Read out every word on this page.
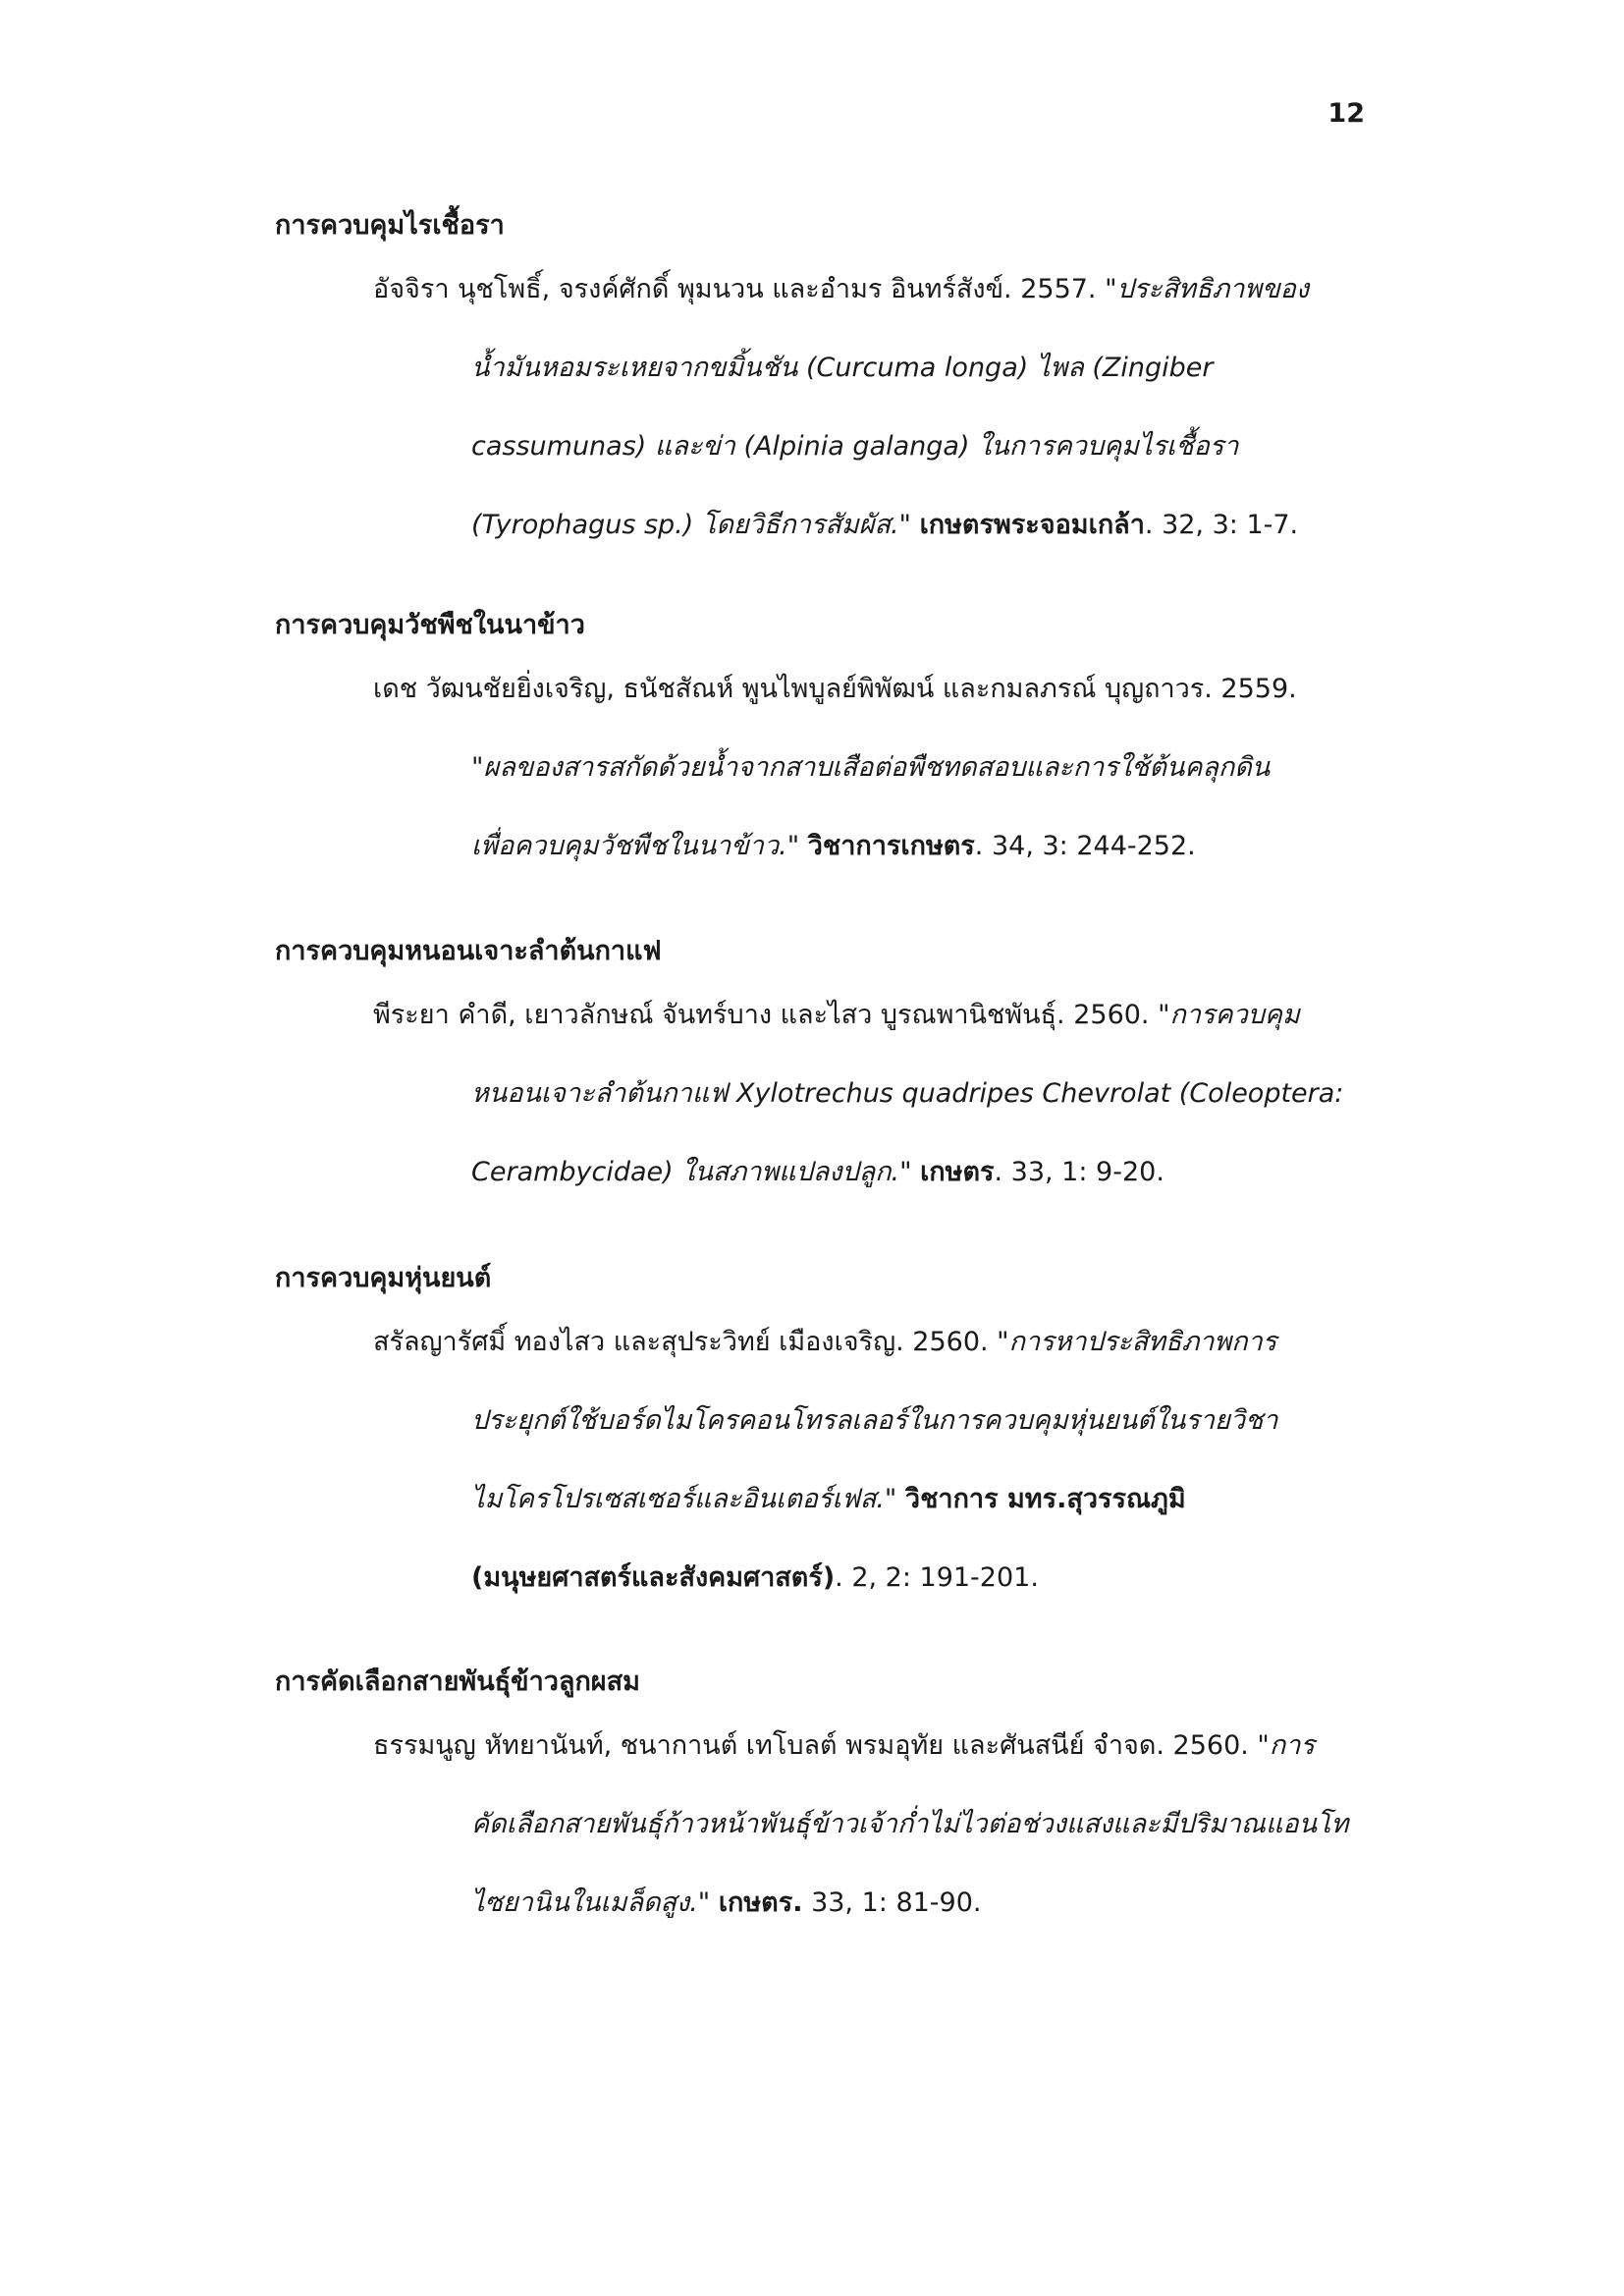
12
การควบคุมไรเชื้อรา
อัจจิรา นุชโพธิ์, จรงค์ศักดิ์ พุมนวน และอำมร อินทร์สังข์. 2557. "ประสิทธิภาพของ
น้ำมันหอมระเหยจากขมิ้นชัน (Curcuma longa) ไพล (Zingiber
cassumunas) และข่า (Alpinia galanga) ในการควบคุมไรเชื้อรา
(Tyrophagus sp.) โดยวิธีการสัมผัส." เกษตรพระจอมเกล้า. 32, 3: 1-7.
การควบคุมวัชพืชในนาข้าว
เดช วัฒนชัยยิ่งเจริญ, ธนัชสัณห์ พูนไพบูลย์พิพัฒน์ และกมลภรณ์ บุญถาวร. 2559.
"ผลของสารสกัดด้วยน้ำจากสาบเสือต่อพืชทดสอบและการใช้ต้นคลุกดิน
เพื่อควบคุมวัชพืชในนาข้าว." วิชาการเกษตร. 34, 3: 244-252.
การควบคุมหนอนเจาะลำต้นกาแฟ
พีระยา คำดี, เยาวลักษณ์ จันทร์บาง และไสว บูรณพานิชพันธุ์. 2560. "การควบคุม
หนอนเจาะลำต้นกาแฟ Xylotrechus quadripes Chevrolat (Coleoptera:
Cerambycidae) ในสภาพแปลงปลูก." เกษตร. 33, 1: 9-20.
การควบคุมหุ่นยนต์
สรัลญารัศมิ์ ทองไสว และสุประวิทย์ เมืองเจริญ. 2560. "การหาประสิทธิภาพการ
ประยุกต์ใช้บอร์ดไมโครคอนโทรลเลอร์ในการควบคุมหุ่นยนต์ในรายวิชา
ไมโครโปรเซสเซอร์และอินเตอร์เฟส." วิชาการ มทร.สุวรรณภูมิ
(มนุษยศาสตร์และสังคมศาสตร์). 2, 2: 191-201.
การคัดเลือกสายพันธุ์ข้าวลูกผสม
ธรรมนูญ หัทยานันท์, ชนากานต์ เทโบลต์ พรมอุทัย และศันสนีย์ จำจด. 2560. "การ
คัดเลือกสายพันธุ์ก้าวหน้าพันธุ์ข้าวเจ้าก่ำไม่ไวต่อช่วงแสงและมีปริมาณแอนโท
ไซยานินในเมล็ดสูง." เกษตร. 33, 1: 81-90.
